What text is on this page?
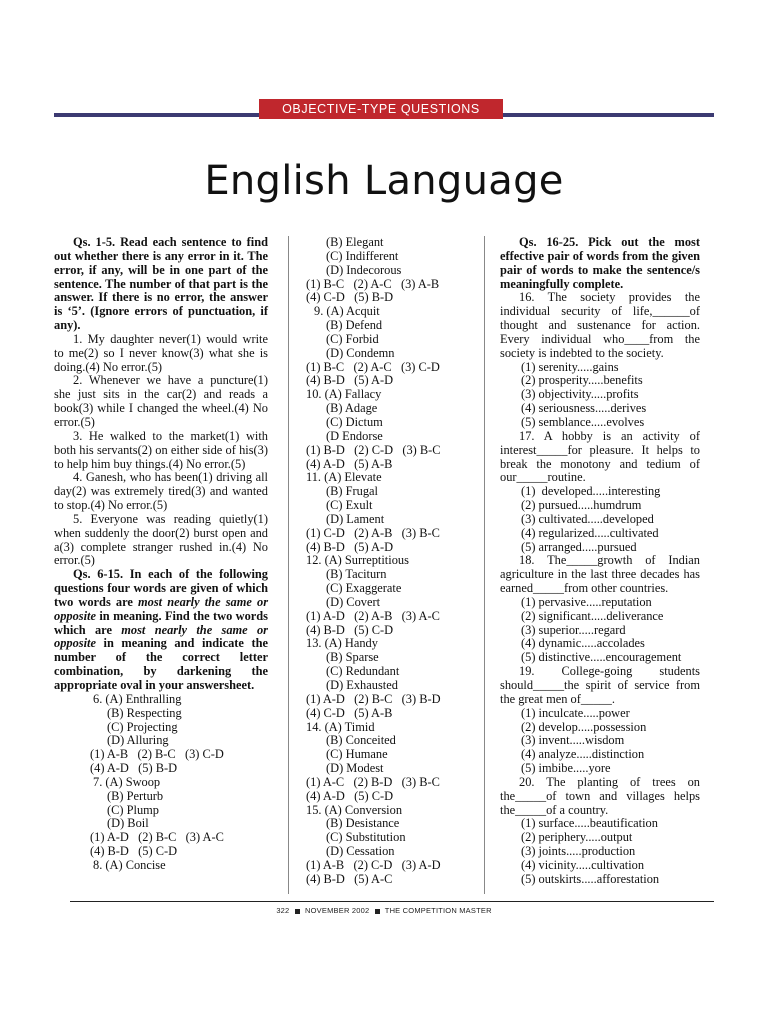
OBJECTIVE-TYPE QUESTIONS
English Language

Qs. 1-5. Read each sentence to find out whether there is any error in it. The error, if any, will be in one part of the sentence. The number of that part is the answer. If there is no error, the answer is ‘5’. (Ignore errors of punctuation, if any).

1. My daughter never(1) would write to me(2) so I never know(3) what she is doing.(4) No error.(5)

2. Whenever we have a puncture(1) she just sits in the car(2) and reads a book(3) while I changed the wheel.(4) No error.(5)

3. He walked to the market(1) with both his servants(2) on either side of his(3) to help him buy things.(4) No error.(5)

4. Ganesh, who has been(1) driving all day(2) was extremely tired(3) and wanted to stop.(4) No error.(5)

5. Everyone was reading quietly(1) when suddenly the door(2) burst open and a(3) complete stranger rushed in.(4) No error.(5)

Qs. 6-15. In each of the following questions four words are given of which two words are most nearly the same or opposite in meaning. Find the two words which are most nearly the same or opposite in meaning and indicate the number of the correct letter combination, by darkening the appropriate oval in your answersheet.

6. (A) Enthralling

(B) Respecting

(C) Projecting

(D) Alluring

(1) A-B   (2) B-C   (3) C-D

(4) A-D   (5) B-D

7. (A) Swoop

(B) Perturb

(C) Plump

(D) Boil

(1) A-D   (2) B-C   (3) A-C

(4) B-D   (5) C-D

8. (A) Concise

(B) Elegant

(C) Indifferent

(D) Indecorous

(1) B-C   (2) A-C   (3) A-B

(4) C-D   (5) B-D

9. (A) Acquit

(B) Defend

(C) Forbid

(D) Condemn

(1) B-C   (2) A-C   (3) C-D

(4) B-D   (5) A-D

10. (A) Fallacy

(B) Adage

(C) Dictum

(D Endorse

(1) B-D   (2) C-D   (3) B-C

(4) A-D   (5) A-B

11. (A) Elevate

(B) Frugal

(C) Exult

(D) Lament

(1) C-D   (2) A-B   (3) B-C

(4) B-D   (5) A-D

12. (A) Surreptitious

(B) Taciturn

(C) Exaggerate

(D) Covert

(1) A-D   (2) A-B   (3) A-C

(4) B-D   (5) C-D

13. (A) Handy

(B) Sparse

(C) Redundant

(D) Exhausted

(1) A-D   (2) B-C   (3) B-D

(4) C-D   (5) A-B

14. (A) Timid

(B) Conceited

(C) Humane

(D) Modest

(1) A-C   (2) B-D   (3) B-C

(4) A-D   (5) C-D

15. (A) Conversion

(B) Desistance

(C) Substitution

(D) Cessation

(1) A-B   (2) C-D   (3) A-D

(4) B-D   (5) A-C

Qs. 16-25. Pick out the most effective pair of words from the given pair of words to make the sentence/s meaningfully complete.

16. The society provides the individual security of life,______of thought and sustenance for action. Every individual who____from the society is indebted to the society.

(1) serenity.....gains

(2) prosperity.....benefits

(3) objectivity.....profits

(4) seriousness.....derives

(5) semblance.....evolves

17. A hobby is an activity of interest_____for pleasure. It helps to break the monotony and tedium of our_____routine.

(1)  developed.....interesting

(2) pursued.....humdrum

(3) cultivated.....developed

(4) regularized.....cultivated

(5) arranged.....pursued

18. The_____growth of Indian agriculture in the last three decades has earned_____from other countries.

(1) pervasive.....reputation

(2) significant.....deliverance

(3) superior.....regard

(4) dynamic.....accolades

(5) distinctive.....encouragement

19. College-going students should_____the spirit of service from the great men of_____.

(1) inculcate.....power

(2) develop.....possession

(3) invent.....wisdom

(4) analyze.....distinction

(5) imbibe.....yore

20. The planting of trees on the_____of town and villages helps the_____of a country.

(1) surface.....beautification

(2) periphery.....output

(3) joints.....production

(4) vicinity.....cultivation

(5) outskirts.....afforestation

322 NOVEMBER 2002 THE COMPETITION MASTER
